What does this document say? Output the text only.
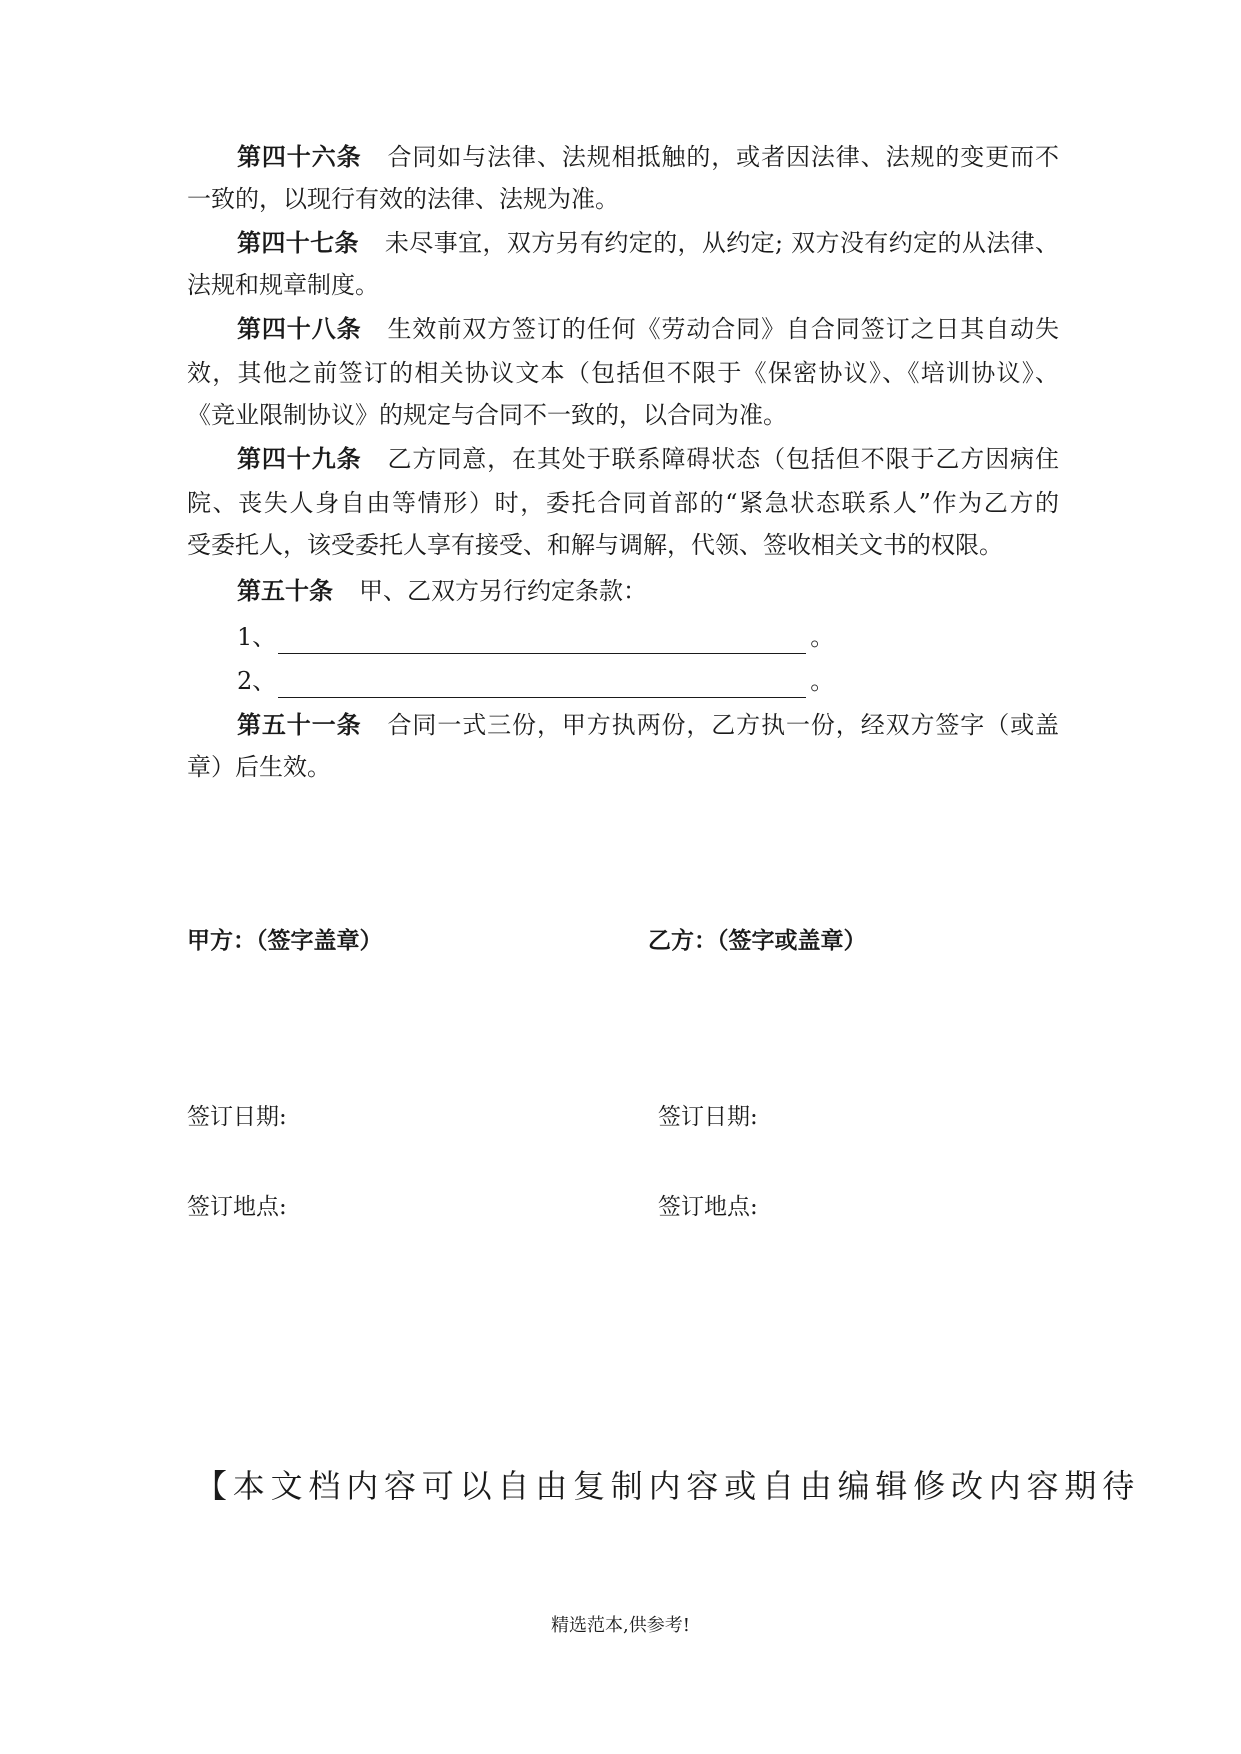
第四十六条 合同如与法律、法规相抵触的，或者因法律、法规的变更而不
一致的，以现行有效的法律、法规为准。
第四十七条 未尽事宜，双方另有约定的，从约定; 双方没有约定的从法律、
法规和规章制度。
第四十八条 生效前双方签订的任何《劳动合同》自合同签订之日其自动失
效，其他之前签订的相关协议文本（包括但不限于《保密协议》、《培训协议》、
《竞业限制协议》的规定与合同不一致的，以合同为准。
第四十九条 乙方同意，在其处于联系障碍状态（包括但不限于乙方因病住
院、丧失人身自由等情形）时，委托合同首部的“紧急状态联系人”作为乙方的
受委托人，该受委托人享有接受、和解与调解，代领、签收相关文书的权限。
第五十条 甲、乙双方另行约定条款：
1、	。
2、	。
第五十一条 合同一式三份，甲方执两份，乙方执一份，经双方签字（或盖
章）后生效。
甲方：（签字盖章）	乙方：（签字或盖章）
签订日期:	签订日期:
签订地点:	签订地点:
【本文档内容可以自由复制内容或自由编辑修改内容期待
精选范本,供参考!
